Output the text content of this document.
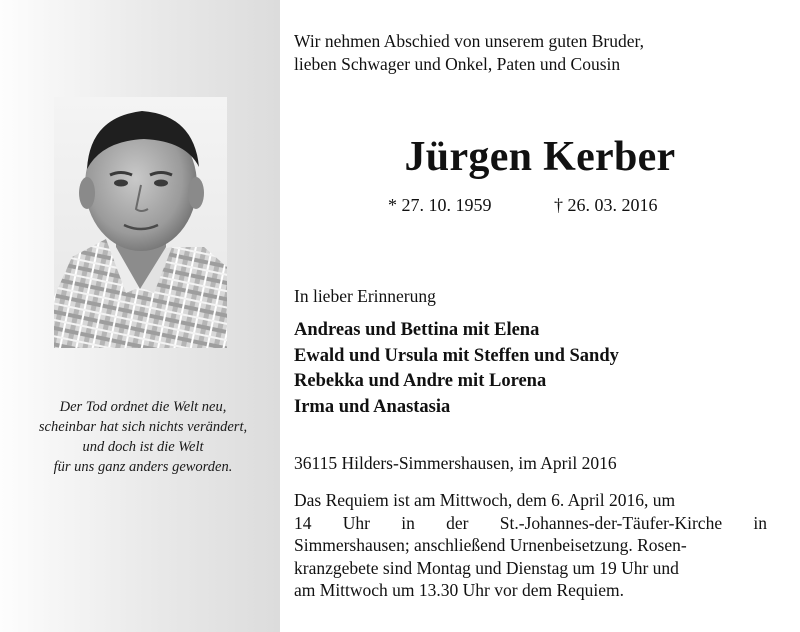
Der Tod ordnet die Welt neu,
scheinbar hat sich nichts verändert,
und doch ist die Welt
für uns ganz anders geworden.
Wir nehmen Abschied von unserem guten Bruder,
lieben Schwager und Onkel, Paten und Cousin
Jürgen Kerber
* 27. 10. 1959	† 26. 03. 2016
In lieber Erinnerung
Andreas und Bettina mit Elena
Ewald und Ursula mit Steffen und Sandy
Rebekka und Andre mit Lorena
Irma und Anastasia
36115 Hilders-Simmershausen, im April 2016
Das Requiem ist am Mittwoch, dem 6. April 2016, um
14 Uhr in der St.-Johannes-der-Täufer-Kirche in
Simmershausen; anschließend Urnenbeisetzung. Rosen-
kranzgebete sind Montag und Dienstag um 19 Uhr und
am Mittwoch um 13.30 Uhr vor dem Requiem.
